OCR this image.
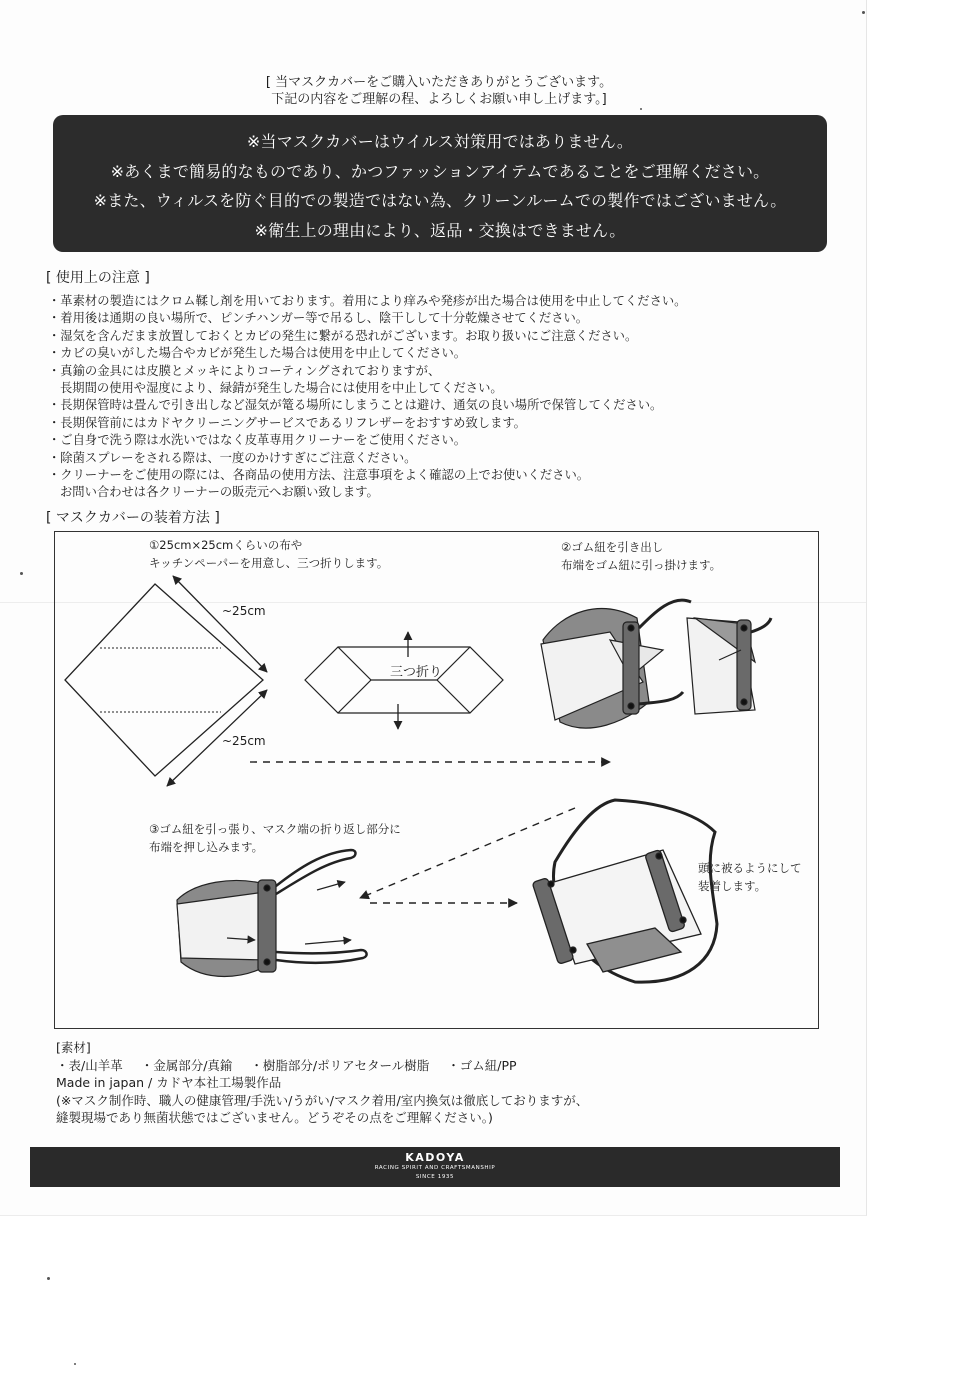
[ 当マスクカバーをご購入いただきありがとうございます。
下記の内容をご理解の程、よろしくお願い申し上げます。]
※当マスクカバーはウイルス対策用ではありません。
※あくまで簡易的なものであり、かつファッションアイテムであることをご理解ください。
※また、ウィルスを防ぐ目的での製造ではない為、クリーンルームでの製作ではございません。
※衛生上の理由により、返品・交換はできません。
[ 使用上の注意 ]
・革素材の製造にはクロム鞣し剤を用いております。着用により痒みや発疹が出た場合は使用を中止してください。
・着用後は通期の良い場所で、ピンチハンガー等で吊るし、陰干しして十分乾燥させてください。
・湿気を含んだまま放置しておくとカビの発生に繋がる恐れがございます。お取り扱いにご注意ください。
・カビの臭いがした場合やカビが発生した場合は使用を中止してください。
・真鍮の金具には皮膜とメッキによりコーティングされておりますが、
長期間の使用や湿度により、緑錆が発生した場合には使用を中止してください。
・長期保管時は畳んで引き出しなど湿気が篭る場所にしまうことは避け、通気の良い場所で保管してください。
・長期保管前にはカドヤクリーニングサービスであるリフレザーをおすすめ致します。
・ご自身で洗う際は水洗いではなく皮革専用クリーナーをご使用ください。
・除菌スプレーをされる際は、一度のかけすぎにご注意ください。
・クリーナーをご使用の際には、各商品の使用方法、注意事項をよく確認の上でお使いください。
お問い合わせは各クリーナーの販売元へお願い致します。
[ マスクカバーの装着方法 ]
①25cm×25cmくらいの布や
キッチンペーパーを用意し、三つ折りします。
~25cm
~25cm
三つ折り
②ゴム紐を引き出し
布端をゴム紐に引っ掛けます。
③ゴム紐を引っ張り、マスク端の折り返し部分に
布端を押し込みます。
頭に被るようにして
装着します。
[素材]
・表/山羊革 ・金属部分/真鍮 ・樹脂部分/ポリアセタール樹脂 ・ゴム紐/PP
Made in japan / カドヤ本社工場製作品
(※マスク制作時、職人の健康管理/手洗い/うがい/マスク着用/室内換気は徹底しておりますが、
縫製現場であり無菌状態ではございません。どうぞその点をご理解ください。)
KADOYA
RACING SPIRIT AND CRAFTSMANSHIP
SINCE 1935
